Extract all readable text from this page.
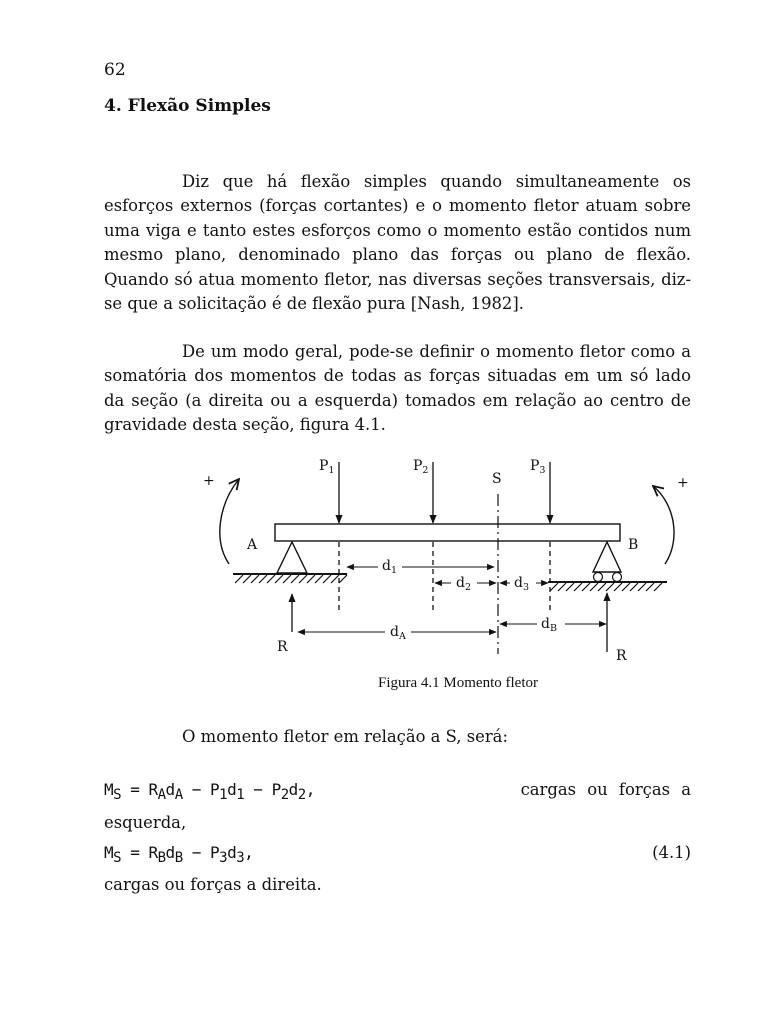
62
4. Flexão Simples

Diz que há flexão simples quando simultaneamente os esforços externos (forças cortantes) e o momento fletor atuam sobre uma viga e tanto estes esforços como o momento estão contidos num mesmo plano, denominado plano das forças ou plano de flexão. Quando só atua momento fletor, nas diversas seções transversais, diz-se que a solicitação é de flexão pura [Nash, 1982].

De um modo geral, pode-se definir o momento fletor como a somatória dos momentos de todas as forças situadas em um só lado da seção (a direita ou a esquerda) tomados em relação ao centro de gravidade desta seção, figura 4.1.

+	+
A	B
S
R
R
$P_1$	$P_2$	$P_3$
$d_1$
$d_2$	$d_3$
$d_A$
$d_B$
Figura 4.1 Momento fletor
O momento fletor em relação a S, será:
$M_S = R_Ad_A - P_1d_1 - P_2d_2$,	cargas ou forças a
esquerda,
$M_S = R_Bd_B - P_3d_3$,	(4.1)
cargas ou forças a direita.
